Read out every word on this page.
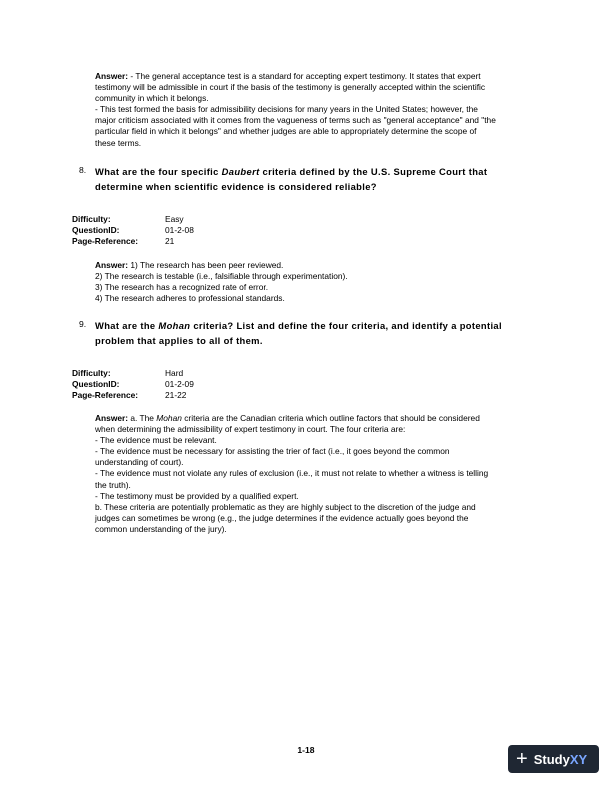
Answer: - The general acceptance test is a standard for accepting expert testimony. It states that expert
testimony will be admissible in court if the basis of the testimony is generally accepted within the scientific
community in which it belongs.
- This test formed the basis for admissibility decisions for many years in the United States; however, the
major criticism associated with it comes from the vagueness of terms such as "general acceptance" and "the
particular field in which it belongs" and whether judges are able to appropriately determine the scope of
these terms.
8. What are the four specific Daubert criteria defined by the U.S. Supreme Court that
determine when scientific evidence is considered reliable?
Difficulty:	Easy
QuestionID:	01-2-08
Page-Reference:	21
Answer: 1) The research has been peer reviewed.
2) The research is testable (i.e., falsifiable through experimentation).
3) The research has a recognized rate of error.
4) The research adheres to professional standards.
9. What are the Mohan criteria? List and define the four criteria, and identify a potential
problem that applies to all of them.
Difficulty:	Hard
QuestionID:	01-2-09
Page-Reference:	21-22
Answer: a. The Mohan criteria are the Canadian criteria which outline factors that should be considered
when determining the admissibility of expert testimony in court. The four criteria are:
- The evidence must be relevant.
- The evidence must be necessary for assisting the trier of fact (i.e., it goes beyond the common
understanding of court).
- The evidence must not violate any rules of exclusion (i.e., it must not relate to whether a witness is telling
the truth).
- The testimony must be provided by a qualified expert.
b. These criteria are potentially problematic as they are highly subject to the discretion of the judge and
judges can sometimes be wrong (e.g., the judge determines if the evidence actually goes beyond the
common understanding of the jury).
1-18	+ Study XY
